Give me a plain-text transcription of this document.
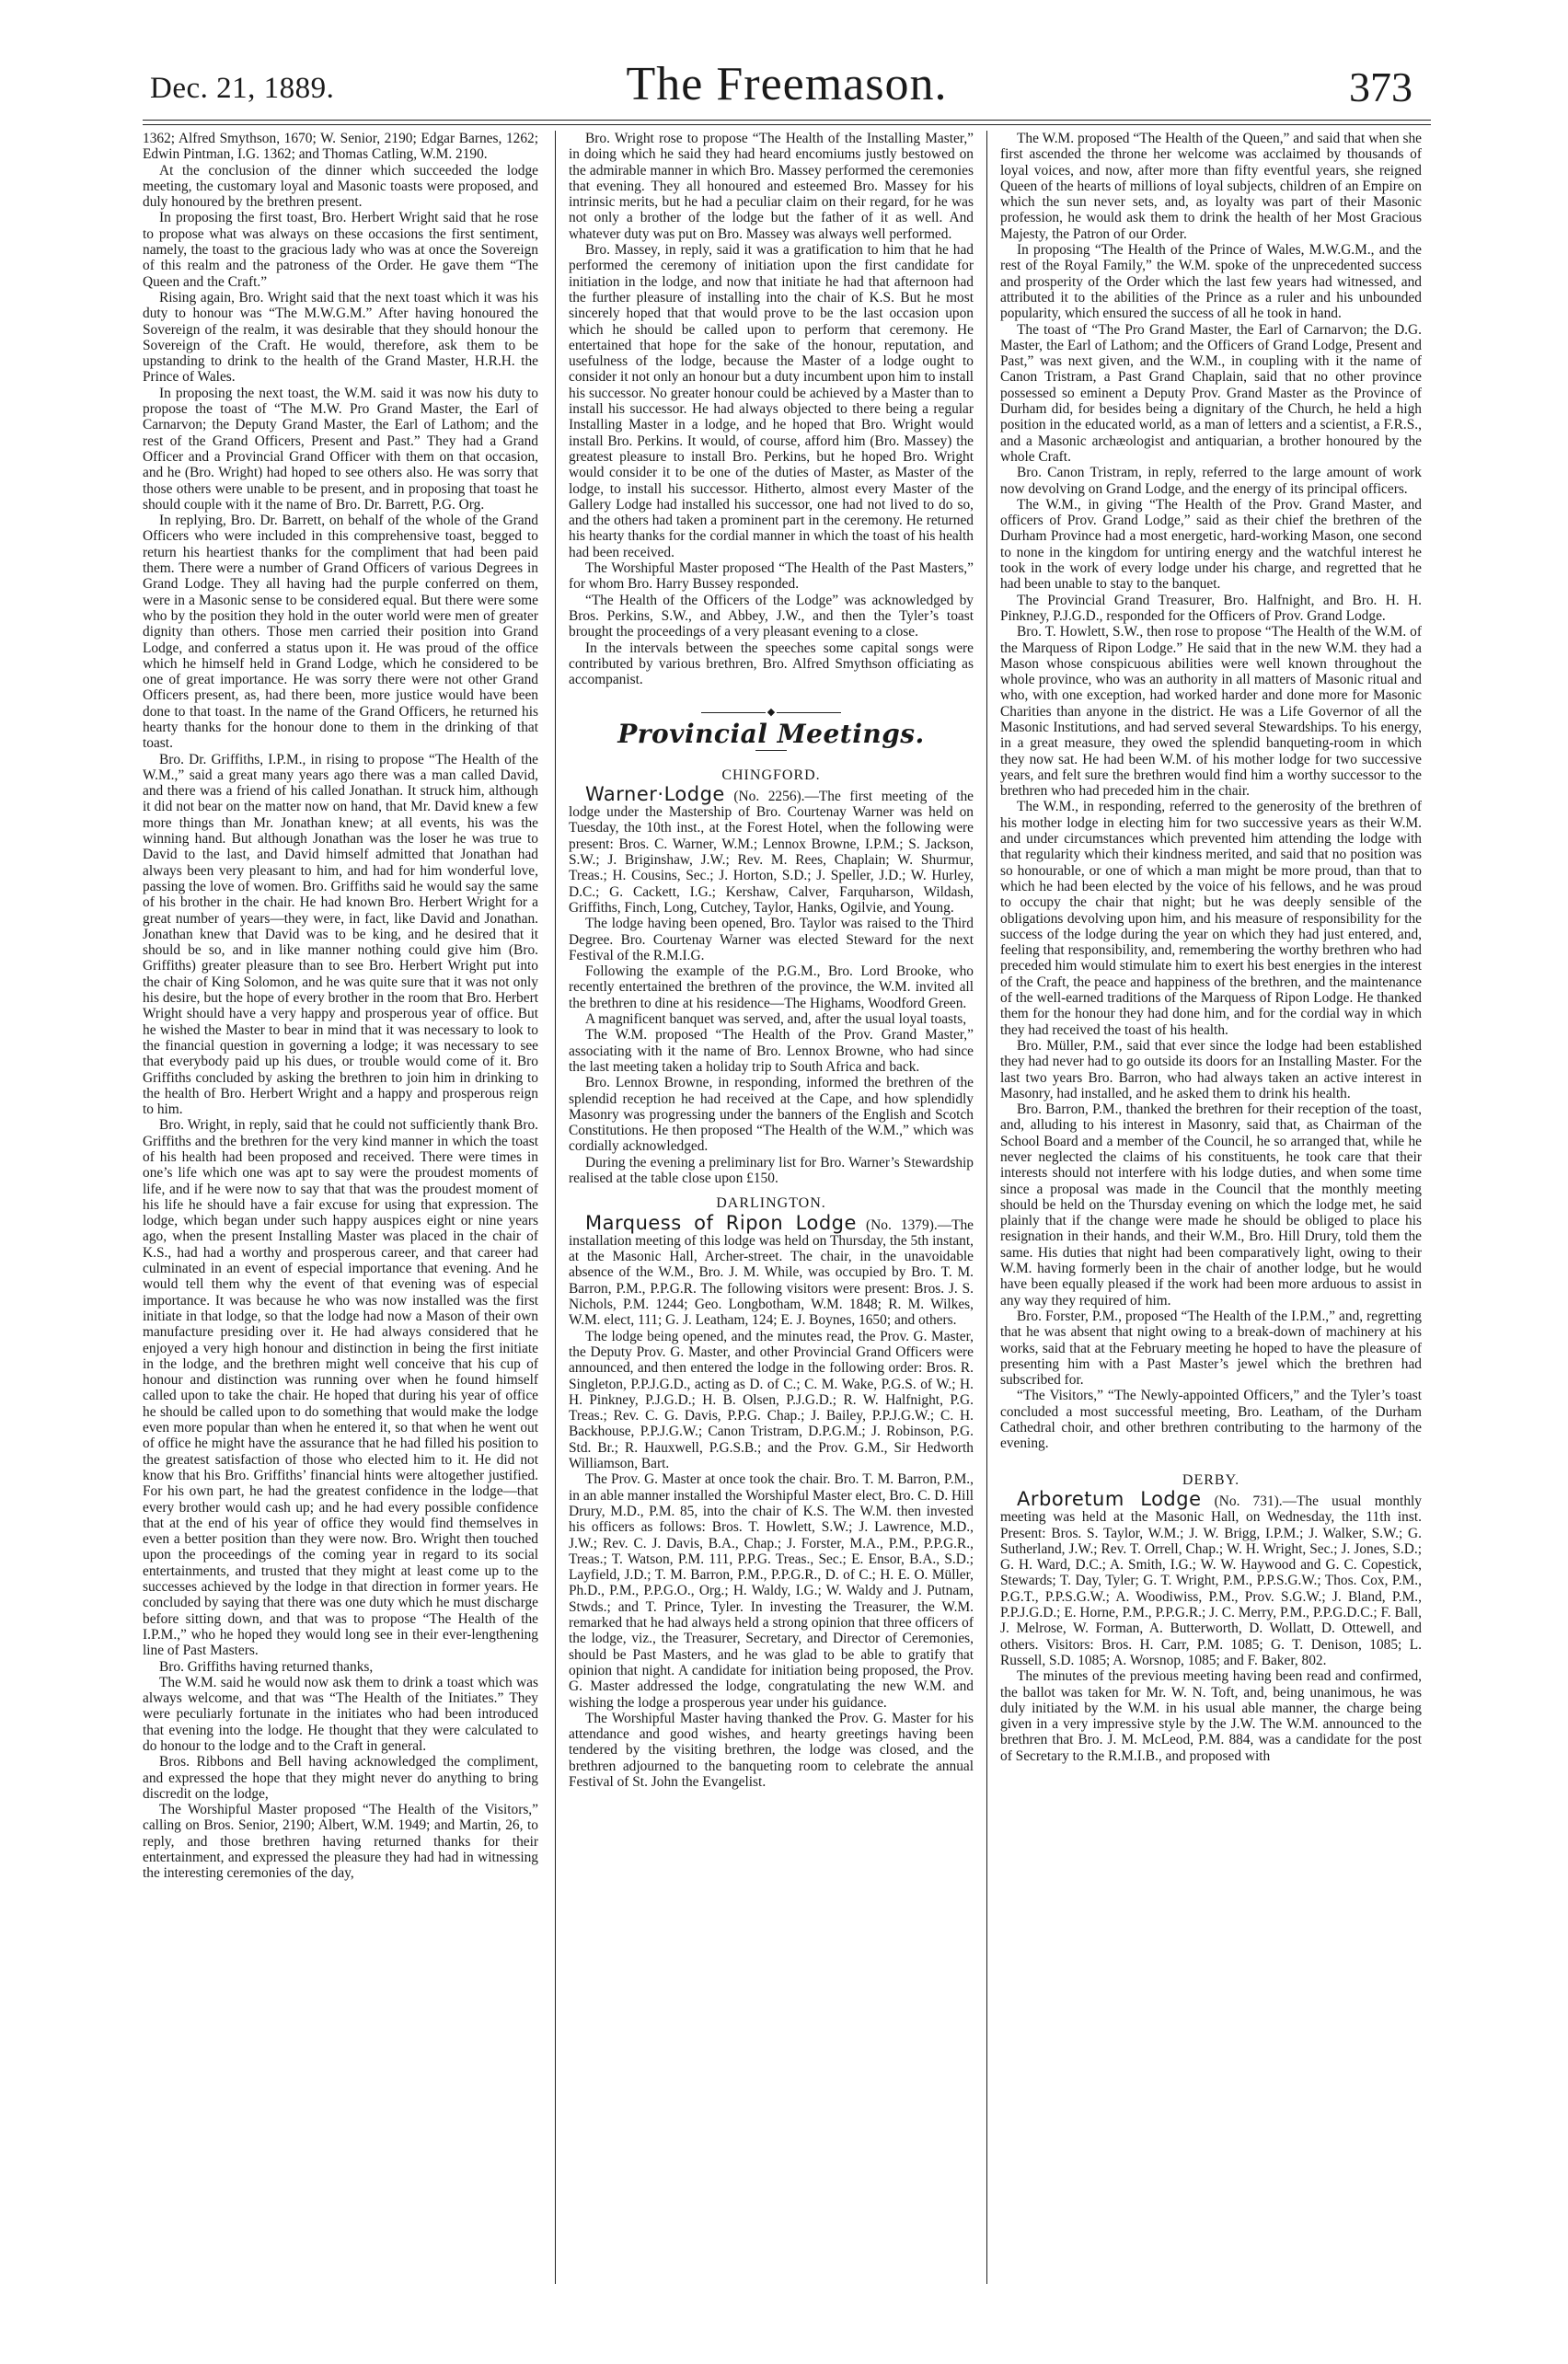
Dec. 21, 1889.	The Freemason.	373

1362; Alfred Smythson, 1670; W. Senior, 2190; Edgar Barnes, 1262; Edwin Pintman, I.G. 1362; and Thomas Catling, W.M. 2190.

At the conclusion of the dinner which succeeded the lodge meeting, the customary loyal and Masonic toasts were proposed, and duly honoured by the brethren present.

In proposing the first toast, Bro. Herbert Wright said that he rose to propose what was always on these occasions the first sentiment, namely, the toast to the gracious lady who was at once the Sovereign of this realm and the patroness of the Order. He gave them “The Queen and the Craft.”

Rising again, Bro. Wright said that the next toast which it was his duty to honour was “The M.W.G.M.” After having honoured the Sovereign of the realm, it was desirable that they should honour the Sovereign of the Craft. He would, therefore, ask them to be upstanding to drink to the health of the Grand Master, H.R.H. the Prince of Wales.

In proposing the next toast, the W.M. said it was now his duty to propose the toast of “The M.W. Pro Grand Master, the Earl of Carnarvon; the Deputy Grand Master, the Earl of Lathom; and the rest of the Grand Officers, Present and Past.” They had a Grand Officer and a Provincial Grand Officer with them on that occasion, and he (Bro. Wright) had hoped to see others also. He was sorry that those others were unable to be present, and in proposing that toast he should couple with it the name of Bro. Dr. Barrett, P.G. Org.

In replying, Bro. Dr. Barrett, on behalf of the whole of the Grand Officers who were included in this comprehensive toast, begged to return his heartiest thanks for the compliment that had been paid them. There were a number of Grand Officers of various Degrees in Grand Lodge. They all having had the purple conferred on them, were in a Masonic sense to be considered equal. But there were some who by the position they hold in the outer world were men of greater dignity than others. Those men carried their position into Grand Lodge, and conferred a status upon it. He was proud of the office which he himself held in Grand Lodge, which he considered to be one of great importance. He was sorry there were not other Grand Officers present, as, had there been, more justice would have been done to that toast. In the name of the Grand Officers, he returned his hearty thanks for the honour done to them in the drinking of that toast.

Bro. Dr. Griffiths, I.P.M., in rising to propose “The Health of the W.M.,” said a great many years ago there was a man called David, and there was a friend of his called Jonathan. It struck him, although it did not bear on the matter now on hand, that Mr. David knew a few more things than Mr. Jonathan knew; at all events, his was the winning hand. But although Jonathan was the loser he was true to David to the last, and David himself admitted that Jonathan had always been very pleasant to him, and had for him wonderful love, passing the love of women. Bro. Griffiths said he would say the same of his brother in the chair. He had known Bro. Herbert Wright for a great number of years—they were, in fact, like David and Jonathan. Jonathan knew that David was to be king, and he desired that it should be so, and in like manner nothing could give him (Bro. Griffiths) greater pleasure than to see Bro. Herbert Wright put into the chair of King Solomon, and he was quite sure that it was not only his desire, but the hope of every brother in the room that Bro. Herbert Wright should have a very happy and prosperous year of office. But he wished the Master to bear in mind that it was necessary to look to the financial question in governing a lodge; it was necessary to see that everybody paid up his dues, or trouble would come of it. Bro Griffiths concluded by asking the brethren to join him in drinking to the health of Bro. Herbert Wright and a happy and prosperous reign to him.

Bro. Wright, in reply, said that he could not sufficiently thank Bro. Griffiths and the brethren for the very kind manner in which the toast of his health had been proposed and received. There were times in one’s life which one was apt to say were the proudest moments of life, and if he were now to say that that was the proudest moment of his life he should have a fair excuse for using that expression. The lodge, which began under such happy auspices eight or nine years ago, when the present Installing Master was placed in the chair of K.S., had had a worthy and prosperous career, and that career had culminated in an event of especial importance that evening. And he would tell them why the event of that evening was of especial importance. It was because he who was now installed was the first initiate in that lodge, so that the lodge had now a Mason of their own manufacture presiding over it. He had always considered that he enjoyed a very high honour and distinction in being the first initiate in the lodge, and the brethren might well conceive that his cup of honour and distinction was running over when he found himself called upon to take the chair. He hoped that during his year of office he should be called upon to do something that would make the lodge even more popular than when he entered it, so that when he went out of office he might have the assurance that he had filled his position to the greatest satisfaction of those who elected him to it. He did not know that his Bro. Griffiths’ financial hints were altogether justified. For his own part, he had the greatest confidence in the lodge—that every brother would cash up; and he had every possible confidence that at the end of his year of office they would find themselves in even a better position than they were now. Bro. Wright then touched upon the proceedings of the coming year in regard to its social entertainments, and trusted that they might at least come up to the successes achieved by the lodge in that direction in former years. He concluded by saying that there was one duty which he must discharge before sitting down, and that was to propose “The Health of the I.P.M.,” who he hoped they would long see in their ever-lengthening line of Past Masters.

Bro. Griffiths having returned thanks,

The W.M. said he would now ask them to drink a toast which was always welcome, and that was “The Health of the Initiates.” They were peculiarly fortunate in the initiates who had been introduced that evening into the lodge. He thought that they were calculated to do honour to the lodge and to the Craft in general.

Bros. Ribbons and Bell having acknowledged the compliment, and expressed the hope that they might never do anything to bring discredit on the lodge,

The Worshipful Master proposed “The Health of the Visitors,” calling on Bros. Senior, 2190; Albert, W.M. 1949; and Martin, 26, to reply, and those brethren having returned thanks for their entertainment, and expressed the pleasure they had had in witnessing the interesting ceremonies of the day,

Bro. Wright rose to propose “The Health of the Installing Master,” in doing which he said they had heard encomiums justly bestowed on the admirable manner in which Bro. Massey performed the ceremonies that evening. They all honoured and esteemed Bro. Massey for his intrinsic merits, but he had a peculiar claim on their regard, for he was not only a brother of the lodge but the father of it as well. And whatever duty was put on Bro. Massey was always well performed.

Bro. Massey, in reply, said it was a gratification to him that he had performed the ceremony of initiation upon the first candidate for initiation in the lodge, and now that initiate he had that afternoon had the further pleasure of installing into the chair of K.S. But he most sincerely hoped that that would prove to be the last occasion upon which he should be called upon to perform that ceremony. He entertained that hope for the sake of the honour, reputation, and usefulness of the lodge, because the Master of a lodge ought to consider it not only an honour but a duty incumbent upon him to install his successor. No greater honour could be achieved by a Master than to install his successor. He had always objected to there being a regular Installing Master in a lodge, and he hoped that Bro. Wright would install Bro. Perkins. It would, of course, afford him (Bro. Massey) the greatest pleasure to install Bro. Perkins, but he hoped Bro. Wright would consider it to be one of the duties of Master, as Master of the lodge, to install his successor. Hitherto, almost every Master of the Gallery Lodge had installed his successor, one had not lived to do so, and the others had taken a prominent part in the ceremony. He returned his hearty thanks for the cordial manner in which the toast of his health had been received.

The Worshipful Master proposed “The Health of the Past Masters,” for whom Bro. Harry Bussey responded.

“The Health of the Officers of the Lodge” was acknowledged by Bros. Perkins, S.W., and Abbey, J.W., and then the Tyler’s toast brought the proceedings of a very pleasant evening to a close.

In the intervals between the speeches some capital songs were contributed by various brethren, Bro. Alfred Smythson officiating as accompanist.

◆
Provincial Meetings.
CHINGFORD.

Warner·Lodge (No. 2256).—The first meeting of the lodge under the Mastership of Bro. Courtenay Warner was held on Tuesday, the 10th inst., at the Forest Hotel, when the following were present: Bros. C. Warner, W.M.; Lennox Browne, I.P.M.; S. Jackson, S.W.; J. Briginshaw, J.W.; Rev. M. Rees, Chaplain; W. Shurmur, Treas.; H. Cousins, Sec.; J. Horton, S.D.; J. Speller, J.D.; W. Hurley, D.C.; G. Cackett, I.G.; Kershaw, Calver, Farquharson, Wildash, Griffiths, Finch, Long, Cutchey, Taylor, Hanks, Ogilvie, and Young.

The lodge having been opened, Bro. Taylor was raised to the Third Degree. Bro. Courtenay Warner was elected Steward for the next Festival of the R.M.I.G.

Following the example of the P.G.M., Bro. Lord Brooke, who recently entertained the brethren of the province, the W.M. invited all the brethren to dine at his residence—The Highams, Woodford Green.

A magnificent banquet was served, and, after the usual loyal toasts,

The W.M. proposed “The Health of the Prov. Grand Master,” associating with it the name of Bro. Lennox Browne, who had since the last meeting taken a holiday trip to South Africa and back.

Bro. Lennox Browne, in responding, informed the brethren of the splendid reception he had received at the Cape, and how splendidly Masonry was progressing under the banners of the English and Scotch Constitutions. He then proposed “The Health of the W.M.,” which was cordially acknowledged.

During the evening a preliminary list for Bro. Warner’s Stewardship realised at the table close upon £150.

DARLINGTON.

Marquess of Ripon Lodge (No. 1379).—The installation meeting of this lodge was held on Thursday, the 5th instant, at the Masonic Hall, Archer-street. The chair, in the unavoidable absence of the W.M., Bro. J. M. While, was occupied by Bro. T. M. Barron, P.M., P.P.G.R. The following visitors were present: Bros. J. S. Nichols, P.M. 1244; Geo. Longbotham, W.M. 1848; R. M. Wilkes, W.M. elect, 111; G. J. Leatham, 124; E. J. Boynes, 1650; and others.

The lodge being opened, and the minutes read, the Prov. G. Master, the Deputy Prov. G. Master, and other Provincial Grand Officers were announced, and then entered the lodge in the following order: Bros. R. Singleton, P.P.J.G.D., acting as D. of C.; C. M. Wake, P.G.S. of W.; H. H. Pinkney, P.J.G.D.; H. B. Olsen, P.J.G.D.; R. W. Halfnight, P.G. Treas.; Rev. C. G. Davis, P.P.G. Chap.; J. Bailey, P.P.J.G.W.; C. H. Backhouse, P.P.J.G.W.; Canon Tristram, D.P.G.M.; J. Robinson, P.G. Std. Br.; R. Hauxwell, P.G.S.B.; and the Prov. G.M., Sir Hedworth Williamson, Bart.

The Prov. G. Master at once took the chair. Bro. T. M. Barron, P.M., in an able manner installed the Worshipful Master elect, Bro. C. D. Hill Drury, M.D., P.M. 85, into the chair of K.S. The W.M. then invested his officers as follows: Bros. T. Howlett, S.W.; J. Lawrence, M.D., J.W.; Rev. C. J. Davis, B.A., Chap.; J. Forster, M.A., P.M., P.P.G.R., Treas.; T. Watson, P.M. 111, P.P.G. Treas., Sec.; E. Ensor, B.A., S.D.; Layfield, J.D.; T. M. Barron, P.M., P.P.G.R., D. of C.; H. E. O. Müller, Ph.D., P.M., P.P.G.O., Org.; H. Waldy, I.G.; W. Waldy and J. Putnam, Stwds.; and T. Prince, Tyler. In investing the Treasurer, the W.M. remarked that he had always held a strong opinion that three officers of the lodge, viz., the Treasurer, Secretary, and Director of Ceremonies, should be Past Masters, and he was glad to be able to gratify that opinion that night. A candidate for initiation being proposed, the Prov. G. Master addressed the lodge, congratulating the new W.M. and wishing the lodge a prosperous year under his guidance.

The Worshipful Master having thanked the Prov. G. Master for his attendance and good wishes, and hearty greetings having been tendered by the visiting brethren, the lodge was closed, and the brethren adjourned to the banqueting room to celebrate the annual Festival of St. John the Evangelist.

The W.M. proposed “The Health of the Queen,” and said that when she first ascended the throne her welcome was acclaimed by thousands of loyal voices, and now, after more than fifty eventful years, she reigned Queen of the hearts of millions of loyal subjects, children of an Empire on which the sun never sets, and, as loyalty was part of their Masonic profession, he would ask them to drink the health of her Most Gracious Majesty, the Patron of our Order.

In proposing “The Health of the Prince of Wales, M.W.G.M., and the rest of the Royal Family,” the W.M. spoke of the unprecedented success and prosperity of the Order which the last few years had witnessed, and attributed it to the abilities of the Prince as a ruler and his unbounded popularity, which ensured the success of all he took in hand.

The toast of “The Pro Grand Master, the Earl of Carnarvon; the D.G. Master, the Earl of Lathom; and the Officers of Grand Lodge, Present and Past,” was next given, and the W.M., in coupling with it the name of Canon Tristram, a Past Grand Chaplain, said that no other province possessed so eminent a Deputy Prov. Grand Master as the Province of Durham did, for besides being a dignitary of the Church, he held a high position in the educated world, as a man of letters and a scientist, a F.R.S., and a Masonic archæologist and antiquarian, a brother honoured by the whole Craft.

Bro. Canon Tristram, in reply, referred to the large amount of work now devolving on Grand Lodge, and the energy of its principal officers.

The W.M., in giving “The Health of the Prov. Grand Master, and officers of Prov. Grand Lodge,” said as their chief the brethren of the Durham Province had a most energetic, hard-working Mason, one second to none in the kingdom for untiring energy and the watchful interest he took in the work of every lodge under his charge, and regretted that he had been unable to stay to the banquet.

The Provincial Grand Treasurer, Bro. Halfnight, and Bro. H. H. Pinkney, P.J.G.D., responded for the Officers of Prov. Grand Lodge.

Bro. T. Howlett, S.W., then rose to propose “The Health of the W.M. of the Marquess of Ripon Lodge.” He said that in the new W.M. they had a Mason whose conspicuous abilities were well known throughout the whole province, who was an authority in all matters of Masonic ritual and who, with one exception, had worked harder and done more for Masonic Charities than anyone in the district. He was a Life Governor of all the Masonic Institutions, and had served several Stewardships. To his energy, in a great measure, they owed the splendid banqueting-room in which they now sat. He had been W.M. of his mother lodge for two successive years, and felt sure the brethren would find him a worthy successor to the brethren who had preceded him in the chair.

The W.M., in responding, referred to the generosity of the brethren of his mother lodge in electing him for two successive years as their W.M. and under circumstances which prevented him attending the lodge with that regularity which their kindness merited, and said that no position was so honourable, or one of which a man might be more proud, than that to which he had been elected by the voice of his fellows, and he was proud to occupy the chair that night; but he was deeply sensible of the obligations devolving upon him, and his measure of responsibility for the success of the lodge during the year on which they had just entered, and, feeling that responsibility, and, remembering the worthy brethren who had preceded him would stimulate him to exert his best energies in the interest of the Craft, the peace and happiness of the brethren, and the maintenance of the well-earned traditions of the Marquess of Ripon Lodge. He thanked them for the honour they had done him, and for the cordial way in which they had received the toast of his health.

Bro. Müller, P.M., said that ever since the lodge had been established they had never had to go outside its doors for an Installing Master. For the last two years Bro. Barron, who had always taken an active interest in Masonry, had installed, and he asked them to drink his health.

Bro. Barron, P.M., thanked the brethren for their reception of the toast, and, alluding to his interest in Masonry, said that, as Chairman of the School Board and a member of the Council, he so arranged that, while he never neglected the claims of his constituents, he took care that their interests should not interfere with his lodge duties, and when some time since a proposal was made in the Council that the monthly meeting should be held on the Thursday evening on which the lodge met, he said plainly that if the change were made he should be obliged to place his resignation in their hands, and their W.M., Bro. Hill Drury, told them the same. His duties that night had been comparatively light, owing to their W.M. having formerly been in the chair of another lodge, but he would have been equally pleased if the work had been more arduous to assist in any way they required of him.

Bro. Forster, P.M., proposed “The Health of the I.P.M.,” and, regretting that he was absent that night owing to a break-down of machinery at his works, said that at the February meeting he hoped to have the pleasure of presenting him with a Past Master’s jewel which the brethren had subscribed for.

“The Visitors,” “The Newly-appointed Officers,” and the Tyler’s toast concluded a most successful meeting, Bro. Leatham, of the Durham Cathedral choir, and other brethren contributing to the harmony of the evening.

DERBY.

Arboretum Lodge (No. 731).—The usual monthly meeting was held at the Masonic Hall, on Wednesday, the 11th inst. Present: Bros. S. Taylor, W.M.; J. W. Brigg, I.P.M.; J. Walker, S.W.; G. Sutherland, J.W.; Rev. T. Orrell, Chap.; W. H. Wright, Sec.; J. Jones, S.D.; G. H. Ward, D.C.; A. Smith, I.G.; W. W. Haywood and G. C. Copestick, Stewards; T. Day, Tyler; G. T. Wright, P.M., P.P.S.G.W.; Thos. Cox, P.M., P.G.T., P.P.S.G.W.; A. Woodiwiss, P.M., Prov. S.G.W.; J. Bland, P.M., P.P.J.G.D.; E. Horne, P.M., P.P.G.R.; J. C. Merry, P.M., P.P.G.D.C.; F. Ball, J. Melrose, W. Forman, A. Butterworth, D. Wollatt, D. Ottewell, and others. Visitors: Bros. H. Carr, P.M. 1085; G. T. Denison, 1085; L. Russell, S.D. 1085; A. Worsnop, 1085; and F. Baker, 802.

The minutes of the previous meeting having been read and confirmed, the ballot was taken for Mr. W. N. Toft, and, being unanimous, he was duly initiated by the W.M. in his usual able manner, the charge being given in a very impressive style by the J.W. The W.M. announced to the brethren that Bro. J. M. McLeod, P.M. 884, was a candidate for the post of Secretary to the R.M.I.B., and proposed with
